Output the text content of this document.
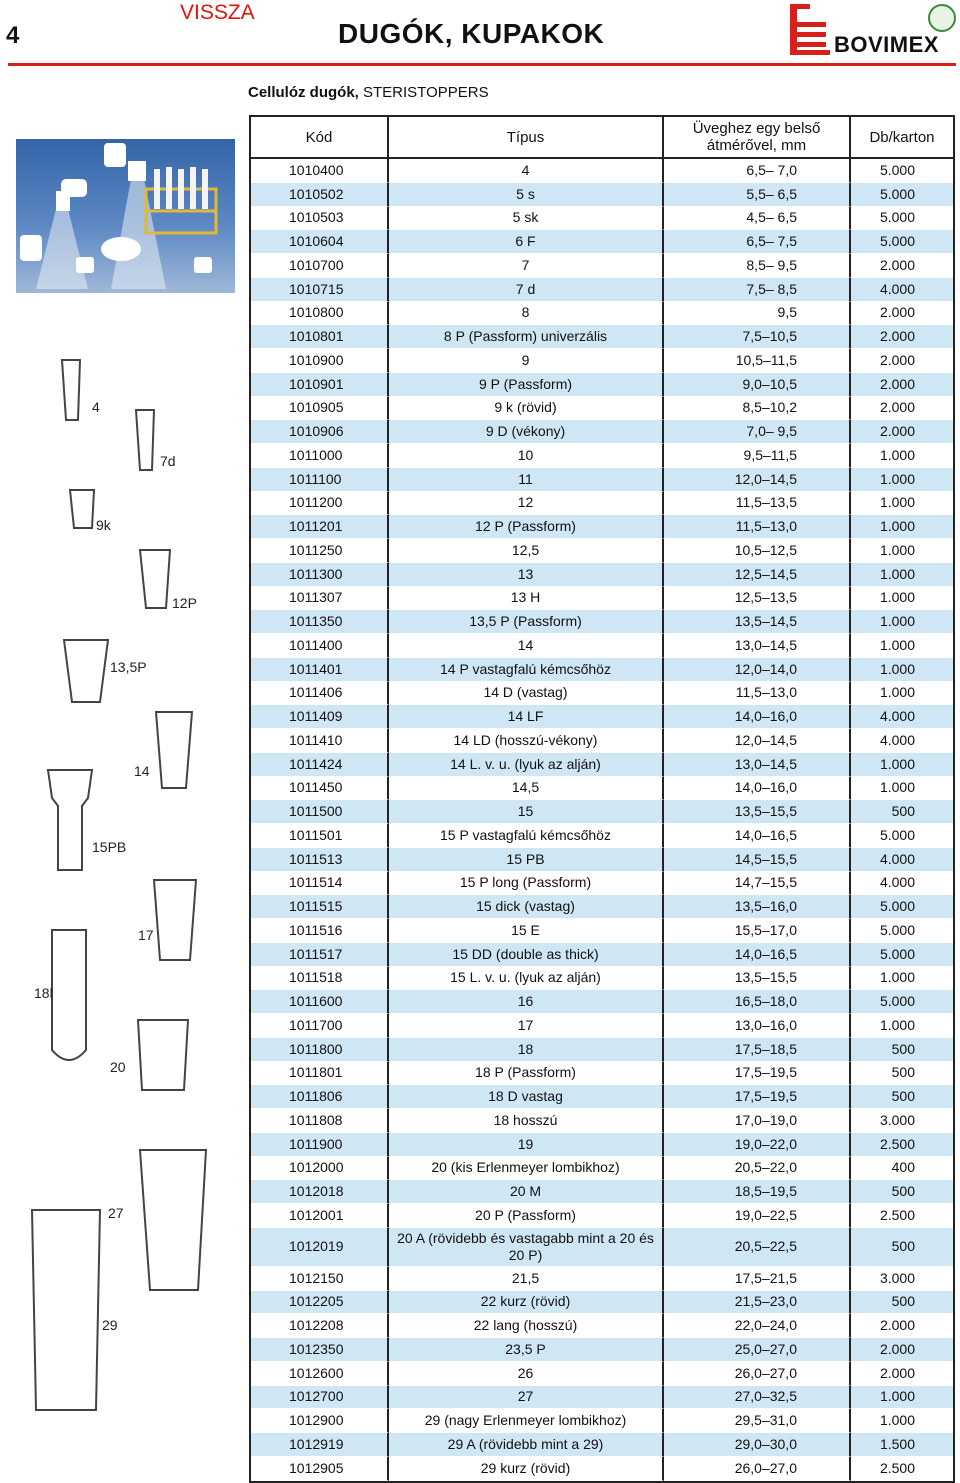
4
VISSZA
DUGÓK, KUPAKOK	BOVIMEX
Cellulóz dugók, STERISTOPPERS
4
7d
9k
12P
13,5P
14
15PB
17
18l
20
27
29
Kód	Típus	Üveghez egy belső átmérővel, mm	Db/karton
1010400	4	6,5– 7,0	5.000
1010502	5 s	5,5– 6,5	5.000
1010503	5 sk	4,5– 6,5	5.000
1010604	6 F	6,5– 7,5	5.000
1010700	7	8,5– 9,5	2.000
1010715	7 d	7,5– 8,5	4.000
1010800	8	9,5	2.000
1010801	8 P (Passform) univerzális	7,5–10,5	2.000
1010900	9	10,5–11,5	2.000
1010901	9 P (Passform)	9,0–10,5	2.000
1010905	9 k (rövid)	8,5–10,2	2.000
1010906	9 D (vékony)	7,0– 9,5	2.000
1011000	10	9,5–11,5	1.000
1011100	11	12,0–14,5	1.000
1011200	12	11,5–13,5	1.000
1011201	12 P (Passform)	11,5–13,0	1.000
1011250	12,5	10,5–12,5	1.000
1011300	13	12,5–14,5	1.000
1011307	13 H	12,5–13,5	1.000
1011350	13,5 P (Passform)	13,5–14,5	1.000
1011400	14	13,0–14,5	1.000
1011401	14 P vastagfalú kémcsőhöz	12,0–14,0	1.000
1011406	14 D (vastag)	11,5–13,0	1.000
1011409	14 LF	14,0–16,0	4.000
1011410	14 LD (hosszú-vékony)	12,0–14,5	4.000
1011424	14 L. v. u. (lyuk az alján)	13,0–14,5	1.000
1011450	14,5	14,0–16,0	1.000
1011500	15	13,5–15,5	500
1011501	15 P vastagfalú kémcsőhöz	14,0–16,5	5.000
1011513	15 PB	14,5–15,5	4.000
1011514	15 P long (Passform)	14,7–15,5	4.000
1011515	15 dick (vastag)	13,5–16,0	5.000
1011516	15 E	15,5–17,0	5.000
1011517	15 DD (double as thick)	14,0–16,5	5.000
1011518	15 L. v. u. (lyuk az alján)	13,5–15,5	1.000
1011600	16	16,5–18,0	5.000
1011700	17	13,0–16,0	1.000
1011800	18	17,5–18,5	500
1011801	18 P (Passform)	17,5–19,5	500
1011806	18 D vastag	17,5–19,5	500
1011808	18 hosszú	17,0–19,0	3.000
1011900	19	19,0–22,0	2.500
1012000	20 (kis Erlenmeyer lombikhoz)	20,5–22,0	400
1012018	20 M	18,5–19,5	500
1012001	20 P (Passform)	19,0–22,5	2.500
1012019	20 A (rövidebb és vastagabb mint a 20 és 20 P)	20,5–22,5	500
1012150	21,5	17,5–21,5	3.000
1012205	22 kurz (rövid)	21,5–23,0	500
1012208	22 lang (hosszú)	22,0–24,0	2.000
1012350	23,5 P	25,0–27,0	2.000
1012600	26	26,0–27,0	2.000
1012700	27	27,0–32,5	1.000
1012900	29 (nagy Erlenmeyer lombikhoz)	29,5–31,0	1.000
1012919	29 A (rövidebb mint a 29)	29,0–30,0	1.500
1012905	29 kurz (rövid)	26,0–27,0	2.500
